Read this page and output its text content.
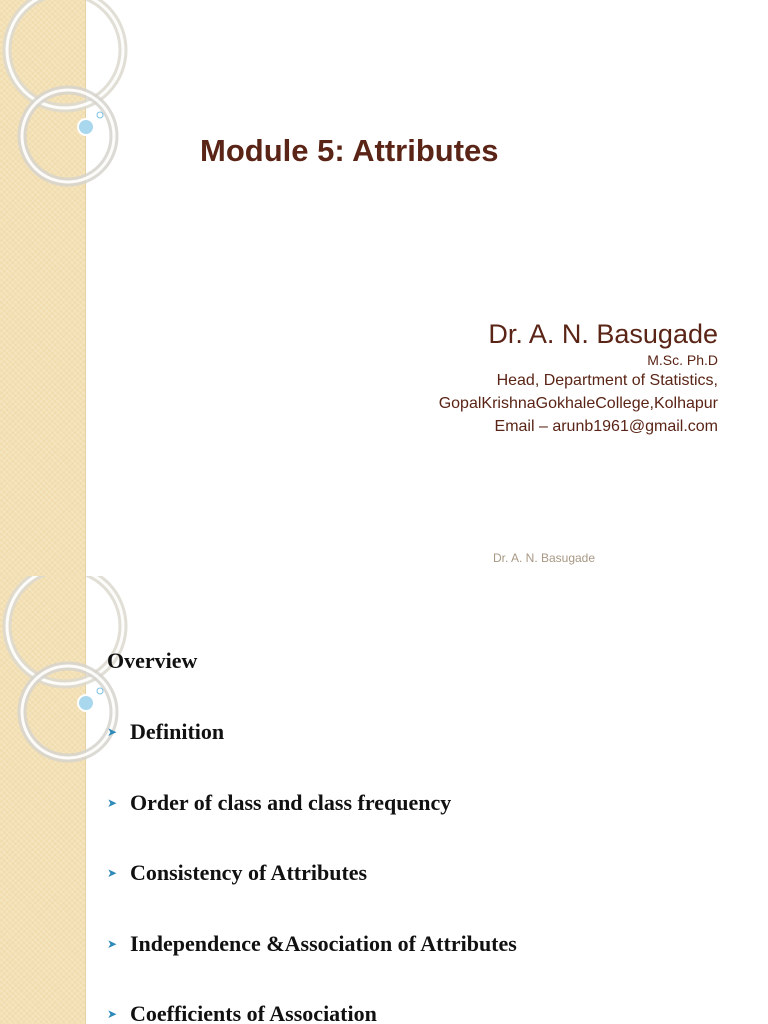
Module 5: Attributes
Dr. A. N. Basugade
M.Sc. Ph.D
Head, Department of Statistics,
GopalKrishnaGokhaleCollege,Kolhapur
Email – arunb1961@gmail.com
Dr. A. N. Basugade
Overview
➤ Definition
➤ Order of class and class frequency
➤ Consistency of Attributes
➤ Independence &Association of Attributes
➤ Coefficients of Association
